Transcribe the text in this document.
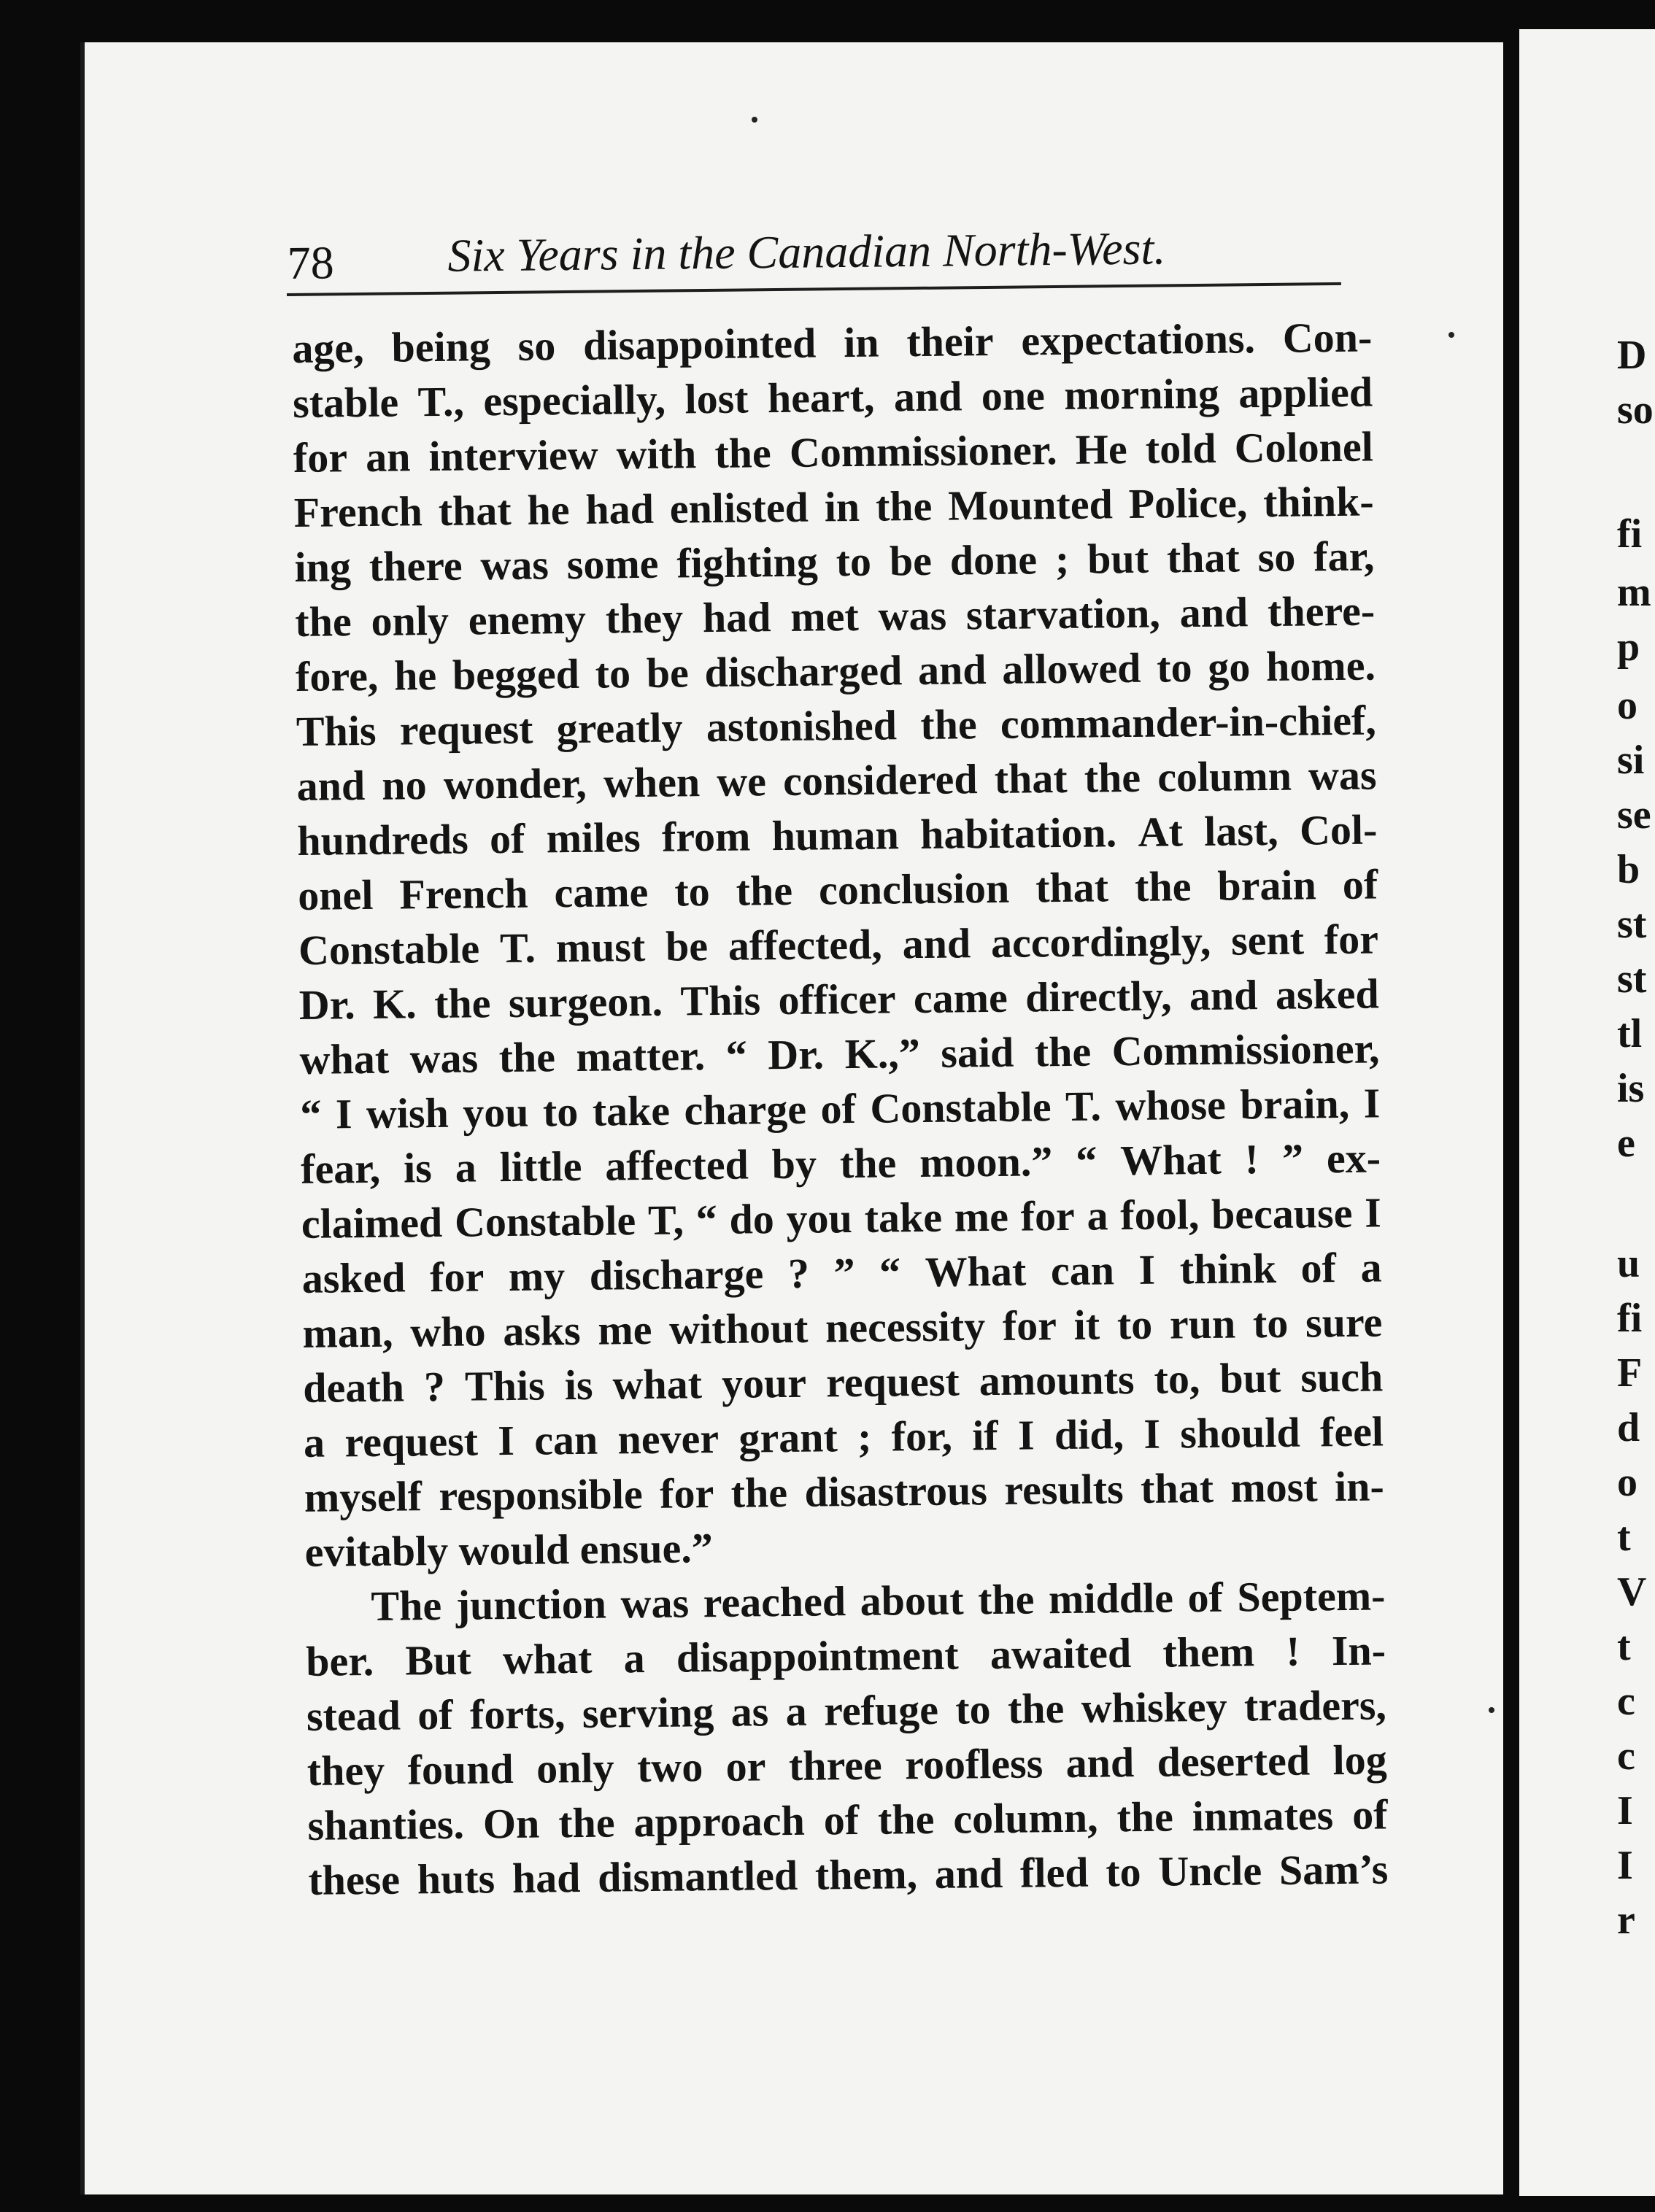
78 Six Years in the Canadian North-West.
age, being so disappointed in their expectations. Con-
stable T., especially, lost heart, and one morning applied
for an interview with the Commissioner. He told Colonel
French that he had enlisted in the Mounted Police, think-
ing there was some fighting to be done ; but that so far,
the only enemy they had met was starvation, and there-
fore, he begged to be discharged and allowed to go home.
This request greatly astonished the commander-in-chief,
and no wonder, when we considered that the column was
hundreds of miles from human habitation. At last, Col-
onel French came to the conclusion that the brain of
Constable T. must be affected, and accordingly, sent for
Dr. K. the surgeon. This officer came directly, and asked
what was the matter. “ Dr. K.,” said the Commissioner,
“ I wish you to take charge of Constable T. whose brain, I
fear, is a little affected by the moon.” “ What ! ” ex-
claimed Constable T, “ do you take me for a fool, because I
asked for my discharge ? ” “ What can I think of a
man, who asks me without necessity for it to run to sure
death ? This is what your request amounts to, but such
a request I can never grant ; for, if I did, I should feel
myself responsible for the disastrous results that most in-
evitably would ensue.”
The junction was reached about the middle of Septem-
ber. But what a disappointment awaited them ! In-
stead of forts, serving as a refuge to the whiskey traders,
they found only two or three roofless and deserted log
shanties. On the approach of the column, the inmates of
these huts had dismantled them, and fled to Uncle Sam’s
D
so
fi
m
p
o
si
se
b
st
st
tl
is
e
u
fi
F
d
o
t
V
t
c
c
I
I
r
